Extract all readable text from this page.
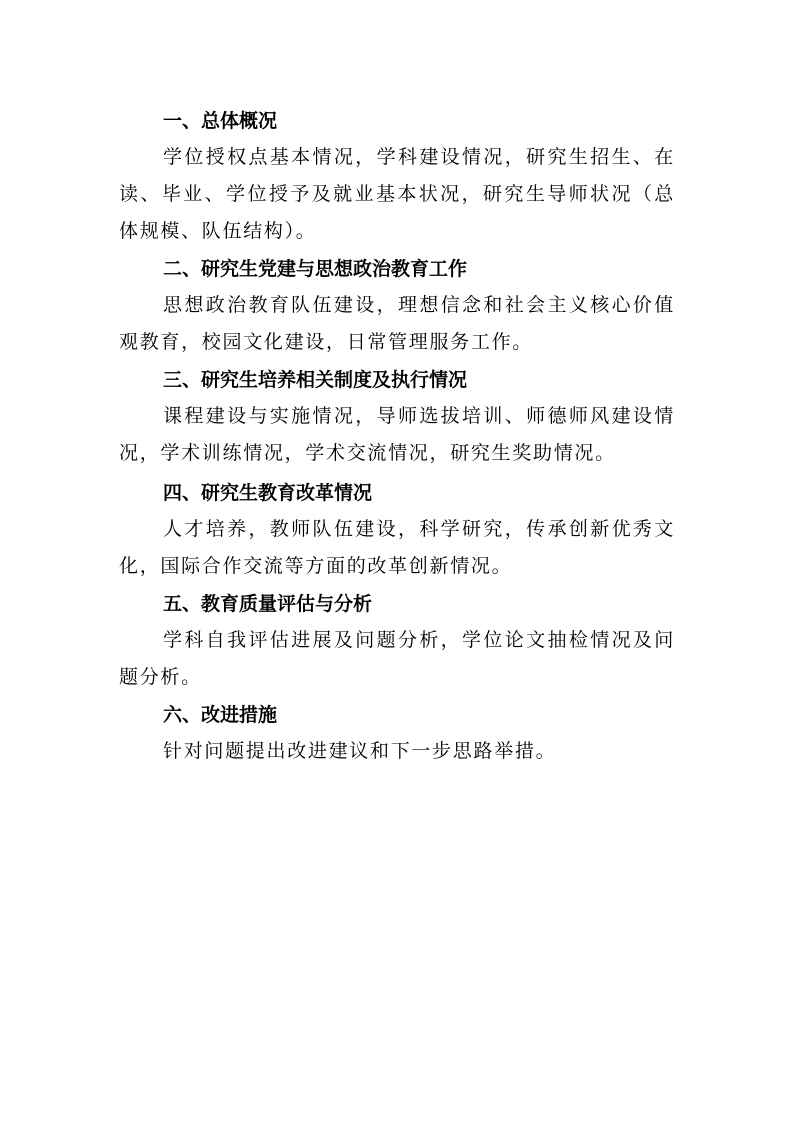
一、总体概况

学位授权点基本情况，学科建设情况，研究生招生、在读、毕业、学位授予及就业基本状况，研究生导师状况（总体规模、队伍结构）。

二、研究生党建与思想政治教育工作

思想政治教育队伍建设，理想信念和社会主义核心价值观教育，校园文化建设，日常管理服务工作。

三、研究生培养相关制度及执行情况

课程建设与实施情况，导师选拔培训、师德师风建设情况，学术训练情况，学术交流情况，研究生奖助情况。

四、研究生教育改革情况

人才培养，教师队伍建设，科学研究，传承创新优秀文化，国际合作交流等方面的改革创新情况。

五、教育质量评估与分析

学科自我评估进展及问题分析，学位论文抽检情况及问题分析。

六、改进措施

针对问题提出改进建议和下一步思路举措。
